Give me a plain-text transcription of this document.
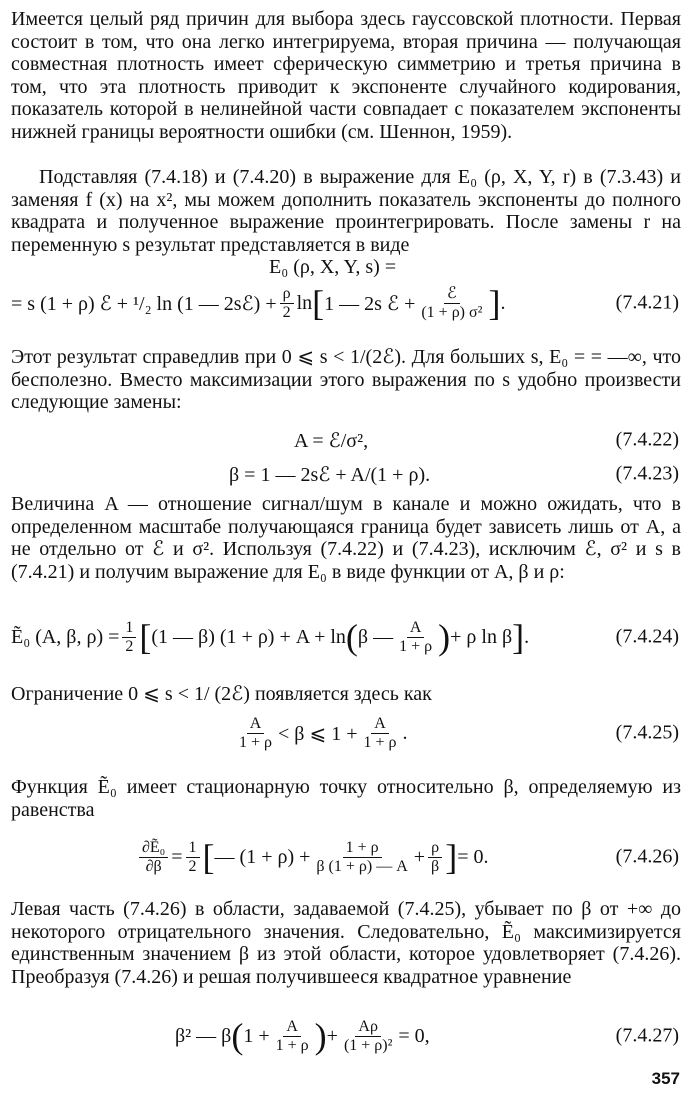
Имеется целый ряд причин для выбора здесь гауссовской плотности. Первая состоит в том, что она легко интегрируема, вторая причина — получающая совместная плотность имеет сферическую симметрию и третья причина в том, что эта плотность приводит к экспоненте случайного кодирования, показатель которой в нелинейной части совпадает с показателем экспоненты нижней границы вероятности ошибки (см. Шеннон, 1959).

Подставляя (7.4.18) и (7.4.20) в выражение для E₀ (ρ, X, Y, r) в (7.3.43) и заменяя f (x) на x², мы можем дополнить показатель экспоненты до полного квадрата и полученное выражение проинтегрировать. После замены r на переменную s результат представляется в виде

E₀ (ρ, X, Y, s) =
= s (1 + ρ) ℰ + ¹/₂ ln (1 — 2sℰ) + $\frac{\rho}{2}$ ln [ 1 — 2s ℰ + $\frac{\text{ℰ}}{\text{(1 + ρ) σ²}}$ ] .	(7.4.21)

Этот результат справедлив при 0 ⩽ s < 1/(2ℰ). Для больших s, E₀ = = —∞, что бесполезно. Вместо максимизации этого выражения по s удобно произвести следующие замены:

A = ℰ/σ²,	(7.4.22)
β = 1 — 2sℰ + A/(1 + ρ).	(7.4.23)

Величина A — отношение сигнал/шум в канале и можно ожидать, что в определенном масштабе получающаяся граница будет зависеть лишь от A, а не отдельно от ℰ и σ². Используя (7.4.22) и (7.4.23), исключим ℰ, σ² и s в (7.4.21) и получим выражение для E₀ в виде функции от A, β и ρ:

Ẽ₀ (A, β, $\rho) = \frac{1}{2}$ [ (1 — β) (1 + ρ) + A + ln ( β — $\frac{A}{1 + \rho}$ ) + ρ ln β ] .	(7.4.24)

Ограничение 0 ⩽ s < 1/ (2ℰ) появляется здесь как

$\frac{A}{1 + \rho} < \beta$ ⩽ $1 + \frac{A}{1 + \rho}$ .	(7.4.25)

Функция Ẽ₀ имеет стационарную точку относительно β, определяемую из равенства

$\frac{\text{∂Ẽ₀}}{\partial\beta} = \frac{1}{2}$ [ — $(1 + \rho) + \frac{1 + \rho}{\beta (1 + \rho) — A} + \frac{\rho}{\beta}$ ] = 0.	(7.4.26)

Левая часть (7.4.26) в области, задаваемой (7.4.25), убывает по β от +∞ до некоторого отрицательного значения. Следовательно, Ẽ₀ максимизируется единственным значением β из этой области, которое удовлетворяет (7.4.26). Преобразуя (7.4.26) и решая получившееся квадратное уравнение

β² — β ( $1 + \frac{A}{1 + \rho}$ ) + $\frac{A\rho}{\text{(1 + ρ)²}} = 0$,	(7.4.27)
357
